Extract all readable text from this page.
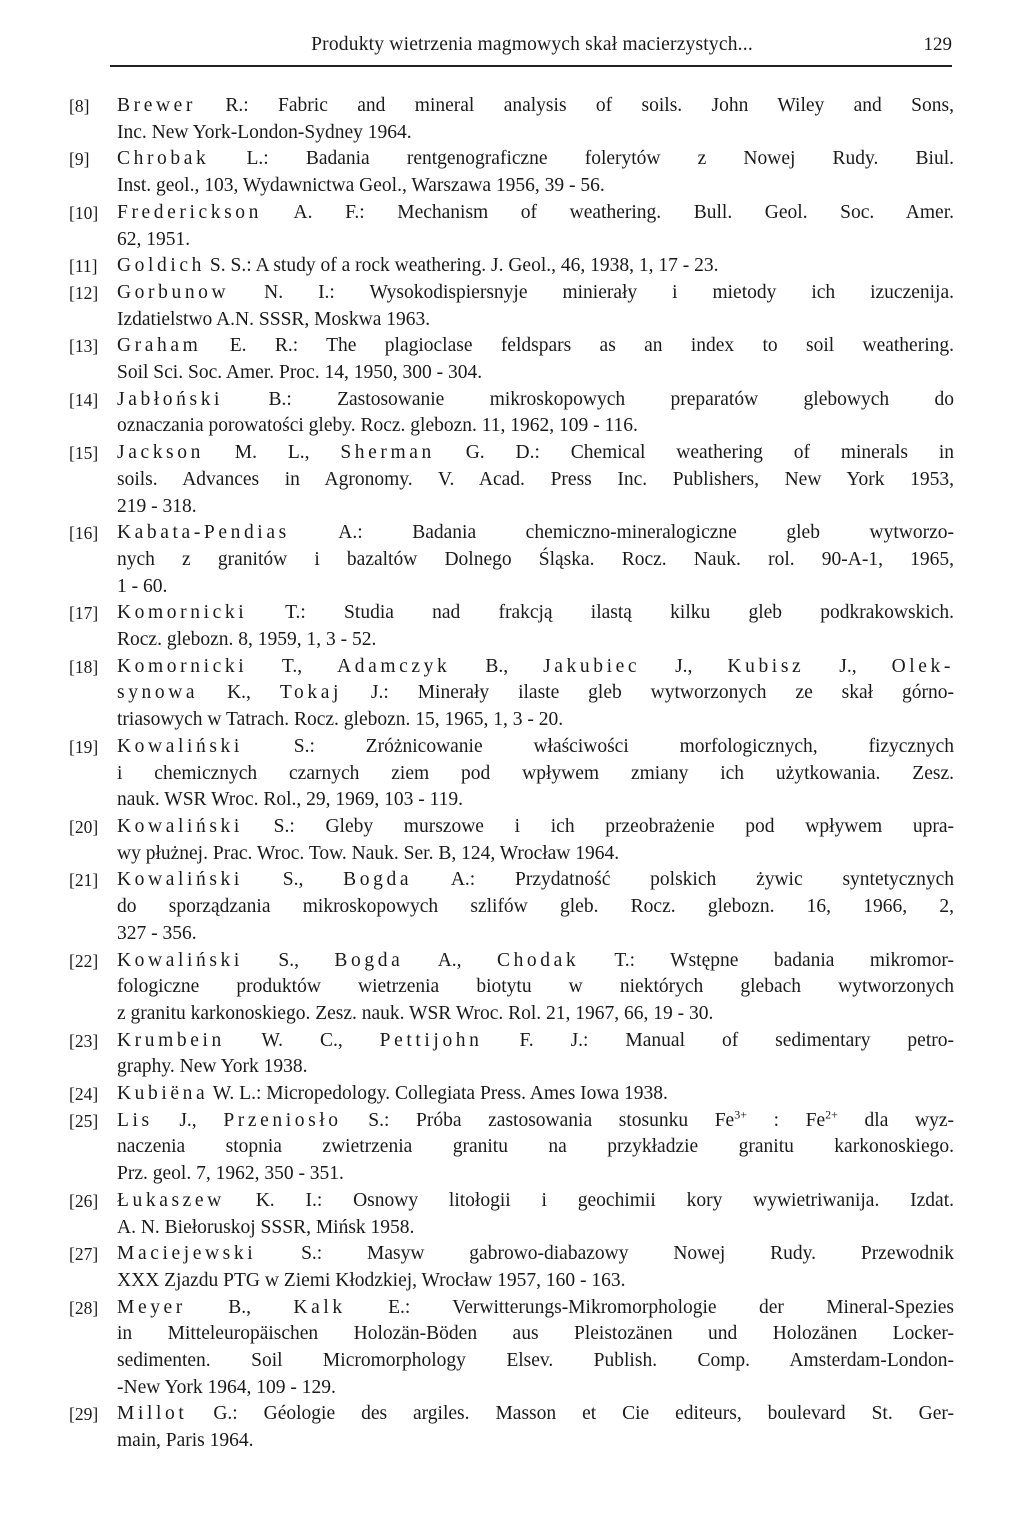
Produkty wietrzenia magmowych skał macierzystych...	129
[8]	Brewer R.: Fabric and mineral analysis of soils. John Wiley and Sons,
Inc. New York-London-Sydney 1964.
[9]	Chrobak L.: Badania rentgenograficzne folerytów z Nowej Rudy. Biul.
Inst. geol., 103, Wydawnictwa Geol., Warszawa 1956, 39 - 56.
[10] Frederickson A. F.: Mechanism of weathering. Bull. Geol. Soc. Amer.
62, 1951.
[11] Goldich S. S.: A study of a rock weathering. J. Geol., 46, 1938, 1, 17 - 23.
[12] Gorbunow N. I.: Wysokodispiersnyje minierały i mietody ich izuczenija.
Izdatielstwo A.N. SSSR, Moskwa 1963.
[13] Graham E. R.: The plagioclase feldspars as an index to soil weathering.
Soil Sci. Soc. Amer. Proc. 14, 1950, 300 - 304.
[14] Jabłoński B.: Zastosowanie mikroskopowych preparatów glebowych do
oznaczania porowatości gleby. Rocz. glebozn. 11, 1962, 109 - 116.
[15] Jackson M. L., Sherman G. D.: Chemical weathering of minerals in
soils. Advances in Agronomy. V. Acad. Press Inc. Publishers, New York 1953,
219 - 318.
[16] Kabata-Pendias A.: Badania chemiczno-mineralogiczne gleb wytworzo-
nych z granitów i bazaltów Dolnego Śląska. Rocz. Nauk. rol. 90-A-1, 1965,
1 - 60.
[17] Komornicki T.: Studia nad frakcją ilastą kilku gleb podkrakowskich.
Rocz. glebozn. 8, 1959, 1, 3 - 52.
[18] Komornicki T., Adamczyk B., Jakubiec J., Kubisz J., Olek-
synowa K., Tokaj J.: Minerały ilaste gleb wytworzonych ze skał górno-
triasowych w Tatrach. Rocz. glebozn. 15, 1965, 1, 3 - 20.
[19] Kowaliński S.: Zróżnicowanie właściwości morfologicznych, fizycznych
i chemicznych czarnych ziem pod wpływem zmiany ich użytkowania. Zesz.
nauk. WSR Wroc. Rol., 29, 1969, 103 - 119.
[20] Kowaliński S.: Gleby murszowe i ich przeobrażenie pod wpływem upra-
wy płużnej. Prac. Wroc. Tow. Nauk. Ser. B, 124, Wrocław 1964.
[21] Kowaliński S., Bogda A.: Przydatność polskich żywic syntetycznych
do sporządzania mikroskopowych szlifów gleb. Rocz. glebozn. 16, 1966, 2,
327 - 356.
[22] Kowaliński S., Bogda A., Chodak T.: Wstępne badania mikromor-
fologiczne produktów wietrzenia biotytu w niektórych glebach wytworzonych
z granitu karkonoskiego. Zesz. nauk. WSR Wroc. Rol. 21, 1967, 66, 19 - 30.
[23] Krumbein W. C., Pettijohn F. J.: Manual of sedimentary petro-
graphy. New York 1938.
[24] Kubiëna W. L.: Micropedology. Collegiata Press. Ames Iowa 1938.
[25] Lis J., Przeniosło S.: Próba zastosowania stosunku $Fe^{3+}$ : $Fe^{2+}$ dla wyz-
naczenia stopnia zwietrzenia granitu na przykładzie granitu karkonoskiego.
Prz. geol. 7, 1962, 350 - 351.
[26] Łukaszew K. I.: Osnowy litołogii i geochimii kory wywietriwanija. Izdat.
A. N. Biełoruskoj SSSR, Mińsk 1958.
[27] Maciejewski S.: Masyw gabrowo-diabazowy Nowej Rudy. Przewodnik
XXX Zjazdu PTG w Ziemi Kłodzkiej, Wrocław 1957, 160 - 163.
[28] Meyer B., Kalk E.: Verwitterungs-Mikromorphologie der Mineral-Spezies
in Mitteleuropäischen Holozän-Böden aus Pleistozänen und Holozänen Locker-
sedimenten. Soil Micromorphology Elsev. Publish. Comp. Amsterdam-London-
-New York 1964, 109 - 129.
[29] Millot G.: Géologie des argiles. Masson et Cie editeurs, boulevard St. Ger-
main, Paris 1964.
